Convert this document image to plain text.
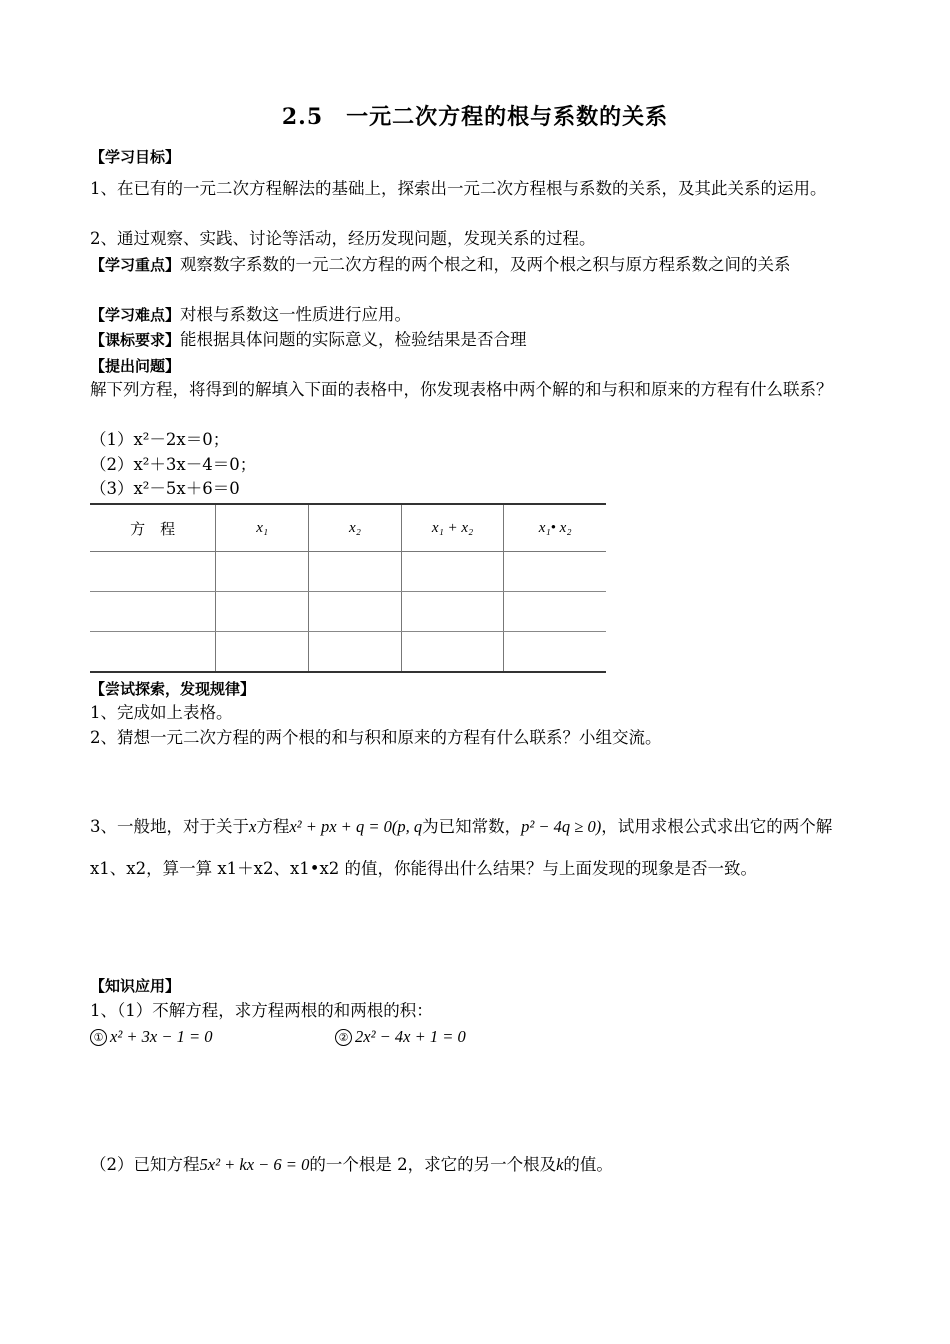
2.5　一元二次方程的根与系数的关系
【学习目标】
1、在已有的一元二次方程解法的基础上，探索出一元二次方程根与系数的关系，及其此关系的运用。
2、通过观察、实践、讨论等活动，经历发现问题，发现关系的过程。
【学习重点】观察数字系数的一元二次方程的两个根之和，及两个根之积与原方程系数之间的关系
【学习难点】对根与系数这一性质进行应用。
【课标要求】能根据具体问题的实际意义，检验结果是否合理
【提出问题】
解下列方程，将得到的解填入下面的表格中，你发现表格中两个解的和与积和原来的方程有什么联系？
（1）x²－2x＝0；
（2）x²＋3x－4＝0；
（3）x²－5x＋6＝0
方　程	x₁	x₂	x₁ + x₂	x₁• x₂

【尝试探索，发现规律】
1、完成如上表格。
2、猜想一元二次方程的两个根的和与积和原来的方程有什么联系？小组交流。
3、一般地，对于关于x方程x² + px + q = 0(p, q为已知常数，p² − 4q ≥ 0)，试用求根公式求出它的两个解 x1、x2，算一算 x1＋x2、x1•x2 的值，你能得出什么结果？与上面发现的现象是否一致。
【知识应用】
1、（1）不解方程，求方程两根的和两根的积：
① x² + 3x − 1 = 0	② 2x² − 4x + 1 = 0
（2）已知方程5x² + kx − 6 = 0的一个根是 2，求它的另一个根及k的值。
